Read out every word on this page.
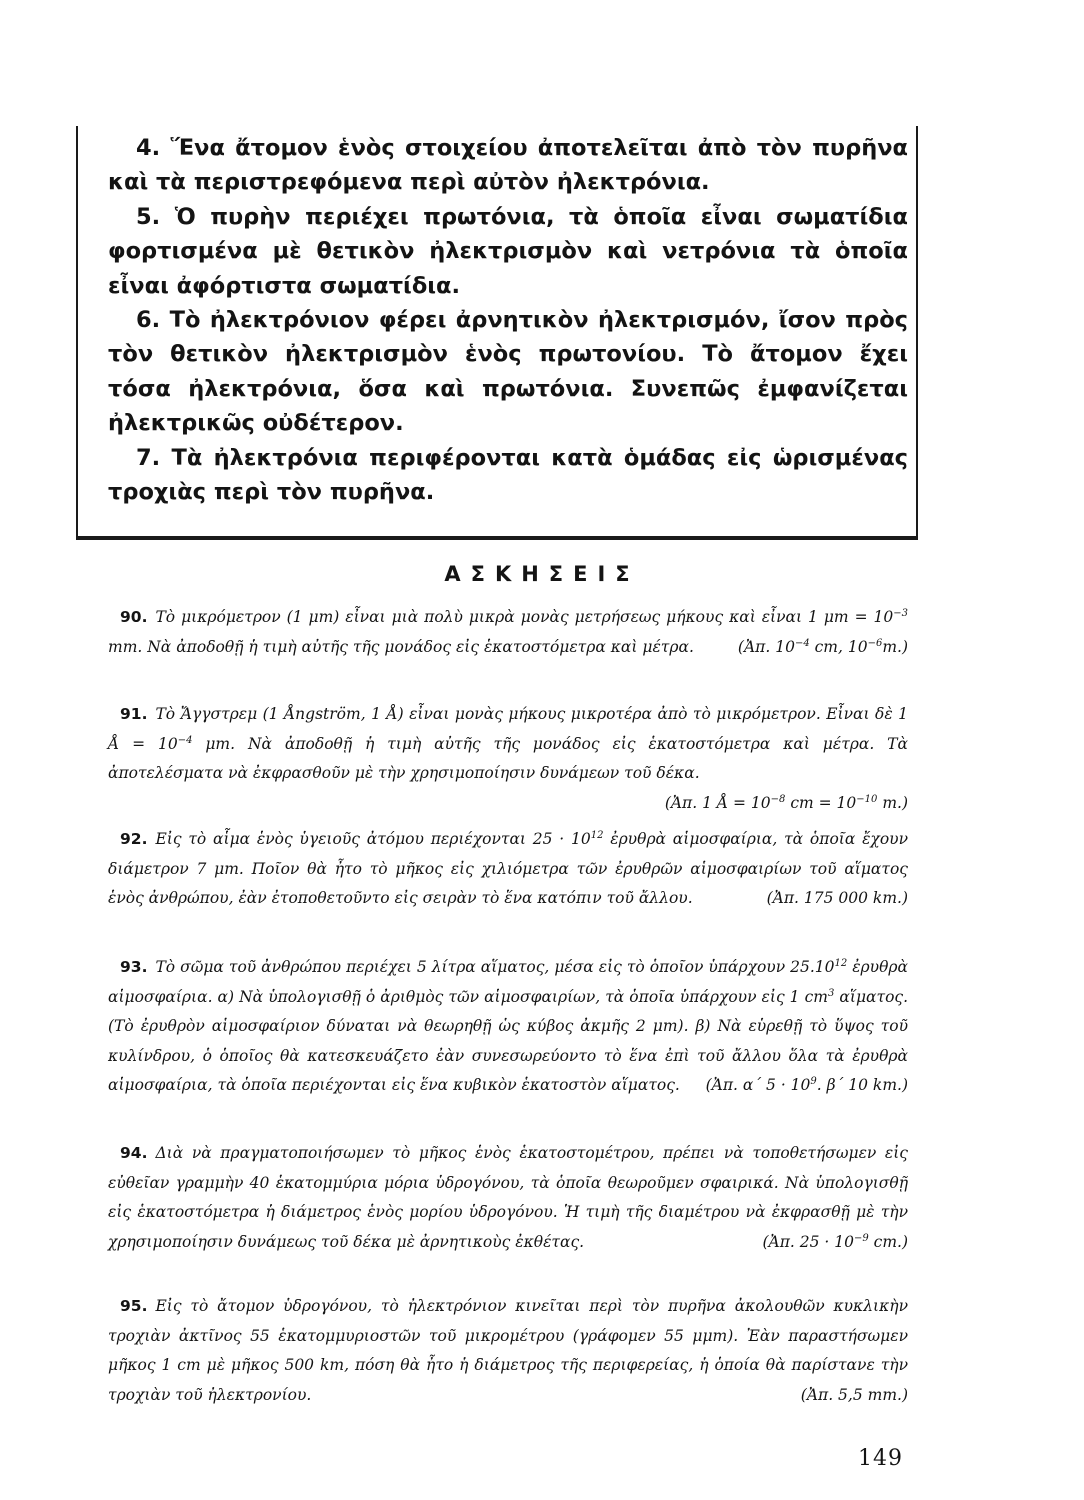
4. Ἕνα ἄτομον ἑνὸς στοιχείου ἀποτελεῖται ἀπὸ τὸν πυρῆνα καὶ τὰ περιστρεφόμενα περὶ αὐτὸν ἠλεκτρόνια.

5. Ὁ πυρὴν περιέχει πρωτόνια, τὰ ὁποῖα εἶναι σωματίδια φορτισμένα μὲ θετικὸν ἠλεκτρισμὸν καὶ νετρόνια τὰ ὁποῖα εἶναι ἀφόρτιστα σωματίδια.

6. Τὸ ἠλεκτρόνιον φέρει ἀρνητικὸν ἠλεκτρισμόν, ἴσον πρὸς τὸν θετικὸν ἠλεκτρισμὸν ἑνὸς πρωτονίου. Τὸ ἄτομον ἔχει τόσα ἠλεκτρόνια, ὅσα καὶ πρωτόνια. Συνεπῶς ἐμφανίζεται ἠλεκτρικῶς οὐδέτερον.

7. Τὰ ἠλεκτρόνια περιφέρονται κατὰ ὁμάδας εἰς ὡρισμένας τροχιὰς περὶ τὸν πυρῆνα.

ΑΣΚΗΣΕΙΣ

90. Τὸ μικρόμετρον (1 μm) εἶναι μιὰ πολὺ μικρὰ μονὰς μετρήσεως μήκους καὶ εἶναι 1 $\mu m = 10^{-3}$ mm. Νὰ ἀποδοθῇ ἡ τιμὴ αὐτῆς τῆς μονάδος εἰς ἑκατοστόμετρα καὶ μέτρα.	(Ἀπ. $10^{-4}$ cm, $10^{-6}m$.)

91. Τὸ Ἄγγστρεμ (1 Ångström, 1 Å) εἶναι μονὰς μήκους μικροτέρα ἀπὸ τὸ μικρόμετρον. Εἶναι δὲ 1 Å = $10^{-4}$ μm. Νὰ ἀποδοθῇ ἡ τιμὴ αὐτῆς τῆς μονάδος εἰς ἑκατοστόμετρα καὶ μέτρα. Τὰ ἀποτελέσματα νὰ ἐκφρασθοῦν μὲ τὴν χρησιμοποίησιν δυνάμεων τοῦ δέκα.
(Ἀπ. 1 Å = $10^{-8}$ cm = $10^{-10}$ m.)

92. Εἰς τὸ αἷμα ἑνὸς ὑγειοῦς ἀτόμου περιέχονται $25 \cdot 10^{12}$ ἐρυθρὰ αἱμοσφαίρια, τὰ ὁποῖα ἔχουν διάμετρον 7 μm. Ποῖον θὰ ἦτο τὸ μῆκος εἰς χιλιόμετρα τῶν ἐρυθρῶν αἱμοσφαιρίων τοῦ αἵματος ἑνὸς ἀνθρώπου, ἐὰν ἐτοποθετοῦντο εἰς σειρὰν τὸ ἕνα κατόπιν τοῦ ἄλλου.	(Ἀπ. 175 000 km.)

93. Τὸ σῶμα τοῦ ἀνθρώπου περιέχει 5 λίτρα αἵματος, μέσα εἰς τὸ ὁποῖον ὑπάρχουν 25.10$^{12}$ ἐρυθρὰ αἱμοσφαίρια. α) Νὰ ὑπολογισθῇ ὁ ἀριθμὸς τῶν αἱμοσφαιρίων, τὰ ὁποῖα ὑπάρχουν εἰς 1 $cm^3$ αἵματος. (Τὸ ἐρυθρὸν αἱμοσφαίριον δύναται νὰ θεωρηθῇ ὡς κύβος ἀκμῆς 2 μm). β) Νὰ εὑρεθῇ τὸ ὕψος τοῦ κυλίνδρου, ὁ ὁποῖος θὰ κατεσκευάζετο ἐὰν συνεσωρεύοντο τὸ ἕνα ἐπὶ τοῦ ἄλλου ὅλα τὰ ἐρυθρὰ αἱμοσφαίρια, τὰ ὁποῖα περιέχονται εἰς ἕνα κυβικὸν ἑκατοστὸν αἵματος. (Ἀπ. α΄ $5 \cdot 10^9$. β΄ 10 km.)

94. Διὰ νὰ πραγματοποιήσωμεν τὸ μῆκος ἑνὸς ἑκατοστομέτρου, πρέπει νὰ τοποθετήσωμεν εἰς εὐθεῖαν γραμμὴν 40 ἑκατομμύρια μόρια ὑδρογόνου, τὰ ὁποῖα θεωροῦμεν σφαιρικά. Νὰ ὑπολογισθῇ εἰς ἑκατοστόμετρα ἡ διάμετρος ἑνὸς μορίου ὑδρογόνου. Ἡ τιμὴ τῆς διαμέτρου νὰ ἐκφρασθῇ μὲ τὴν χρησιμοποίησιν δυνάμεως τοῦ δέκα μὲ ἀρνητικοὺς ἐκθέτας.	(Ἀπ. $25 \cdot 10^{-9}$ cm.)

95. Εἰς τὸ ἄτομον ὑδρογόνου, τὸ ἠλεκτρόνιον κινεῖται περὶ τὸν πυρῆνα ἀκολουθῶν κυκλικὴν τροχιὰν ἀκτῖνος 55 ἑκατομμυριοστῶν τοῦ μικρομέτρου (γράφομεν 55 μμm). Ἐὰν παραστήσωμεν μῆκος 1 cm μὲ μῆκος 500 km, πόση θὰ ἦτο ἡ διάμετρος τῆς περιφερείας, ἡ ὁποία θὰ παρίστανε τὴν τροχιὰν τοῦ ἠλεκτρονίου.	(Ἀπ. 5,5 mm.)

149
